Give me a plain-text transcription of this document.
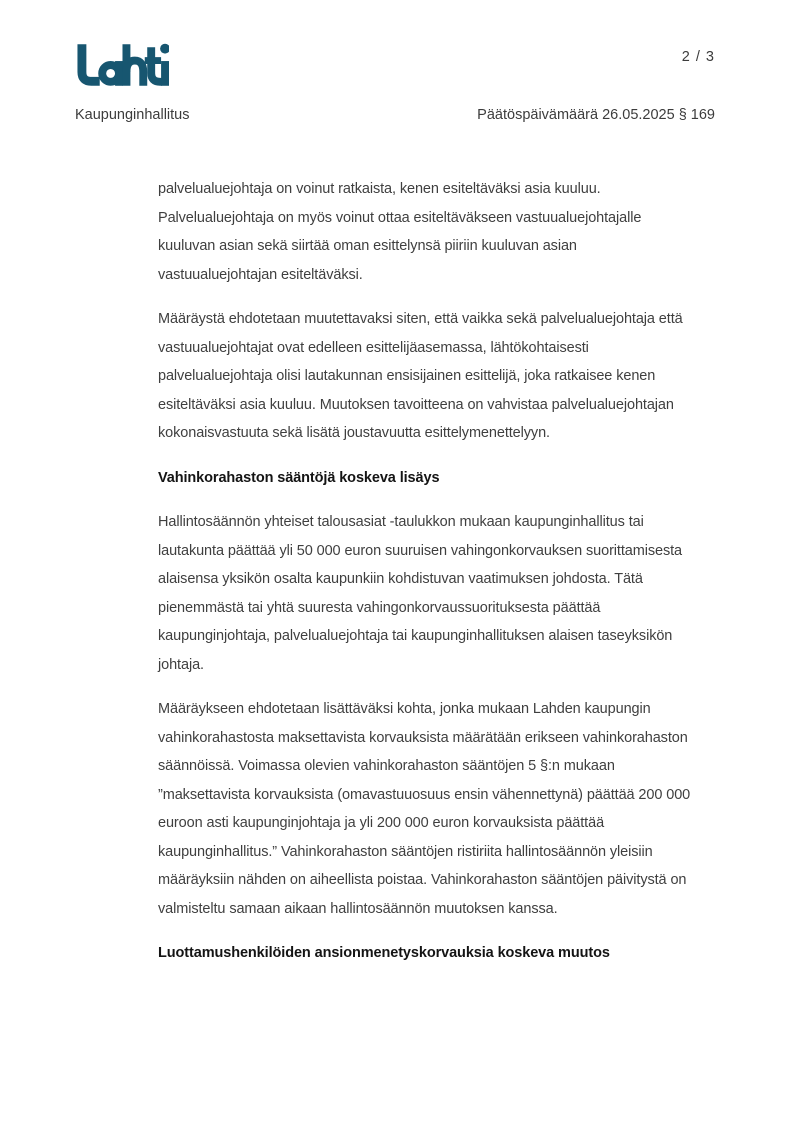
2 / 3
Kaupunginhallitus	Päätöspäivämäärä 26.05.2025 § 169

palvelualuejohtaja on voinut ratkaista, kenen esiteltäväksi asia kuuluu.
Palvelualuejohtaja on myös voinut ottaa esiteltäväkseen vastuualuejohtajalle
kuuluvan asian sekä siirtää oman esittelynsä piiriin kuuluvan asian
vastuualuejohtajan esiteltäväksi.

Määräystä ehdotetaan muutettavaksi siten, että vaikka sekä palvelualuejohtaja että
vastuualuejohtajat ovat edelleen esittelijäasemassa, lähtökohtaisesti
palvelualuejohtaja olisi lautakunnan ensisijainen esittelijä, joka ratkaisee kenen
esiteltäväksi asia kuuluu. Muutoksen tavoitteena on vahvistaa palvelualuejohtajan
kokonaisvastuuta sekä lisätä joustavuutta esittelymenettelyyn.

Vahinkorahaston sääntöjä koskeva lisäys

Hallintosäännön yhteiset talousasiat -taulukkon mukaan kaupunginhallitus tai
lautakunta päättää yli 50 000 euron suuruisen vahingonkorvauksen suorittamisesta
alaisensa yksikön osalta kaupunkiin kohdistuvan vaatimuksen johdosta. Tätä
pienemmästä tai yhtä suuresta vahingonkorvaussuorituksesta päättää
kaupunginjohtaja, palvelualuejohtaja tai kaupunginhallituksen alaisen taseyksikön
johtaja.

Määräykseen ehdotetaan lisättäväksi kohta, jonka mukaan Lahden kaupungin
vahinkorahastosta maksettavista korvauksista määrätään erikseen vahinkorahaston
säännöissä. Voimassa olevien vahinkorahaston sääntöjen 5 §:n mukaan
”maksettavista korvauksista (omavastuuosuus ensin vähennettynä) päättää 200 000
euroon asti kaupunginjohtaja ja yli 200 000 euron korvauksista päättää
kaupunginhallitus.” Vahinkorahaston sääntöjen ristiriita hallintosäännön yleisiin
määräyksiin nähden on aiheellista poistaa. Vahinkorahaston sääntöjen päivitystä on
valmisteltu samaan aikaan hallintosäännön muutoksen kanssa.

Luottamushenkilöiden ansionmenetyskorvauksia koskeva muutos
